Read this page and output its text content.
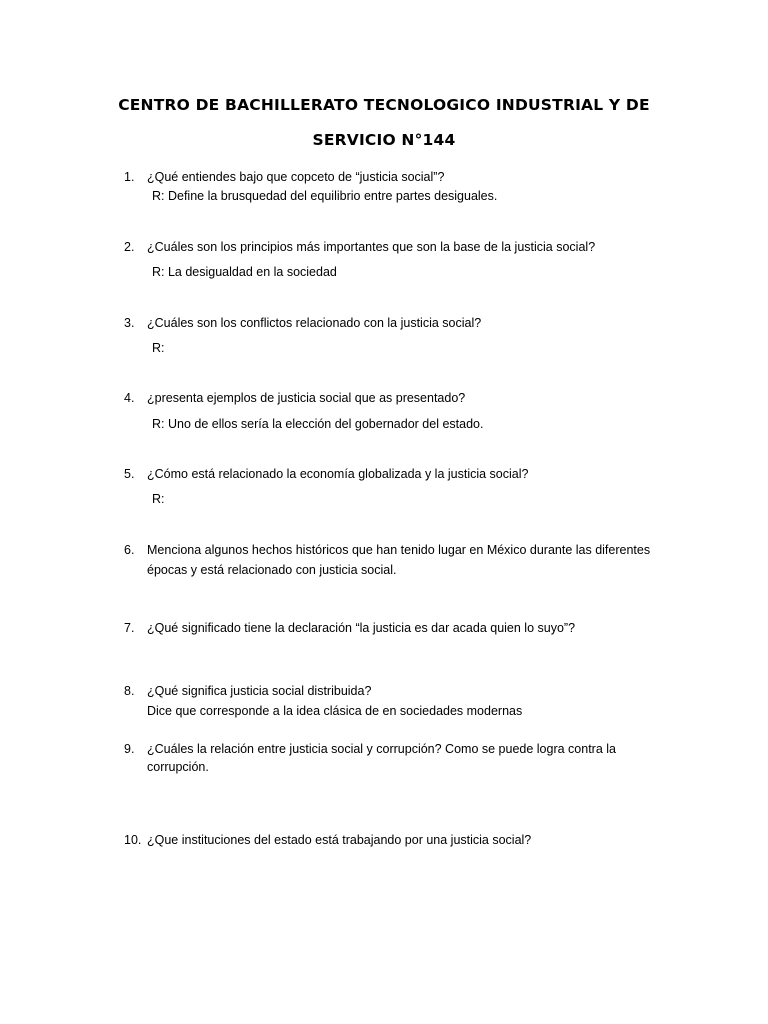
CENTRO DE BACHILLERATO TECNOLOGICO INDUSTRIAL Y DE
SERVICIO N°144
1.	¿Qué entiendes bajo que copceto de “justicia social”?
R: Define la brusquedad del equilibrio entre partes desiguales.
2.	¿Cuáles son los principios más importantes que son la base de la justicia social?
R: La desigualdad en la sociedad
3.	¿Cuáles son los conflictos relacionado con la justicia social?
R:
4.	¿presenta ejemplos de justicia social que as presentado?
R: Uno de ellos sería la elección del gobernador del estado.
5.	¿Cómo está relacionado la economía globalizada y la justicia social?
R:
6.	Menciona algunos hechos históricos que han tenido lugar en México durante las diferentes
épocas y está relacionado con justicia social.
7.	¿Qué significado tiene la declaración “la justicia es dar acada quien lo suyo”?
8.	¿Qué significa justicia social distribuida?
Dice que corresponde a la idea clásica de en sociedades modernas
9.	¿Cuáles la relación entre justicia social y corrupción? Como se puede logra contra la
corrupción.
10. ¿Que instituciones del estado está trabajando por una justicia social?
